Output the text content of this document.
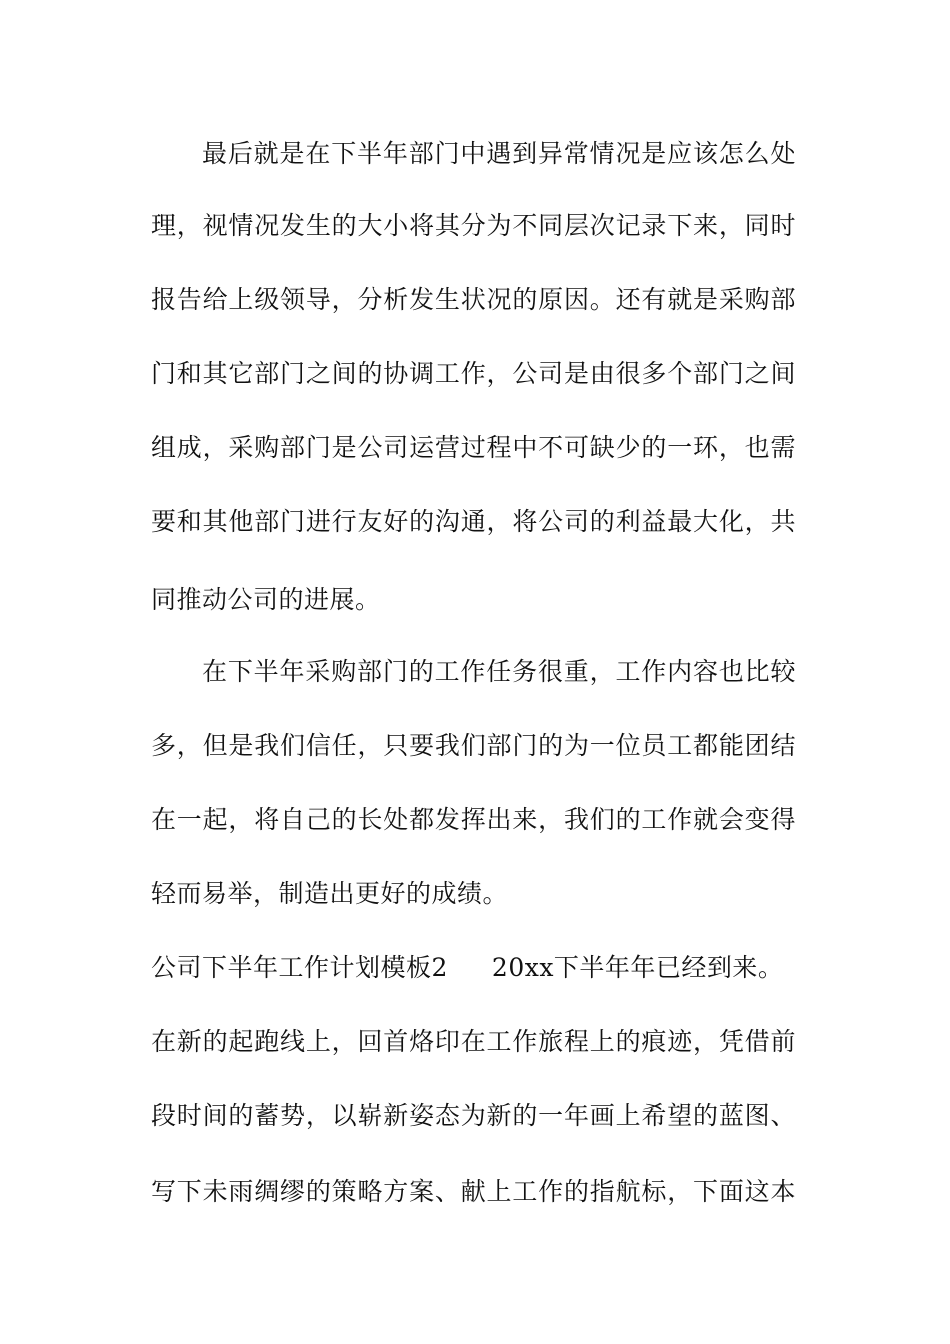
最后就是在下半年部门中遇到异常情况是应该怎么处
理，视情况发生的大小将其分为不同层次记录下来，同时
报告给上级领导，分析发生状况的原因。还有就是采购部
门和其它部门之间的协调工作，公司是由很多个部门之间
组成，采购部门是公司运营过程中不可缺少的一环，也需
要和其他部门进行友好的沟通，将公司的利益最大化，共
同推动公司的进展。
在下半年采购部门的工作任务很重，工作内容也比较
多，但是我们信任，只要我们部门的为一位员工都能团结
在一起，将自己的长处都发挥出来，我们的工作就会变得
轻而易举，制造出更好的成绩。
公司下半年工作计划模板2 20xx下半年年已经到来。
在新的起跑线上，回首烙印在工作旅程上的痕迹，凭借前
段时间的蓄势，以崭新姿态为新的一年画上希望的蓝图、
写下未雨绸缪的策略方案、献上工作的指航标，下面这本
